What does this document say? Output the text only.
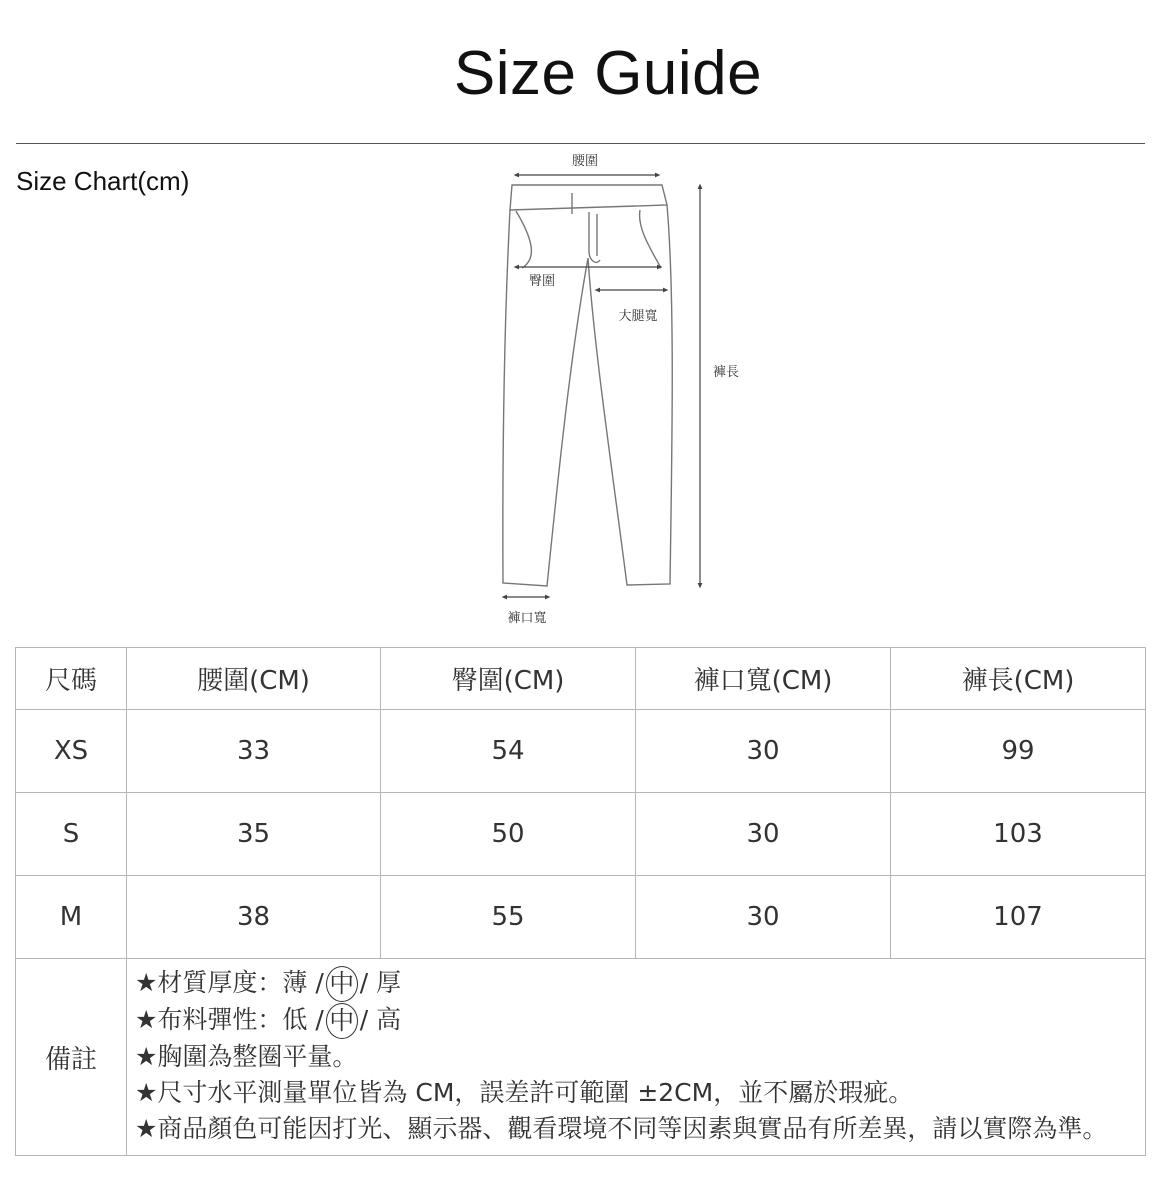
Size Guide
Size Chart(cm)
腰圍
臀圍
大腿寬
褲長
褲口寬
尺碼	腰圍(CM)	臀圍(CM)	褲口寬(CM)	褲長(CM)
XS	33	54	30	99
S	35	50	30	103
M	38	55	30	107
備註	★材質厚度：薄 / 中 / 厚
★布料彈性：低 / 中 / 高
★胸圍為整圈平量。
★尺寸水平測量單位皆為 CM，誤差許可範圍 ±2CM，並不屬於瑕疵。
★商品顏色可能因打光、顯示器、觀看環境不同等因素與實品有所差異，請以實際為準。			
